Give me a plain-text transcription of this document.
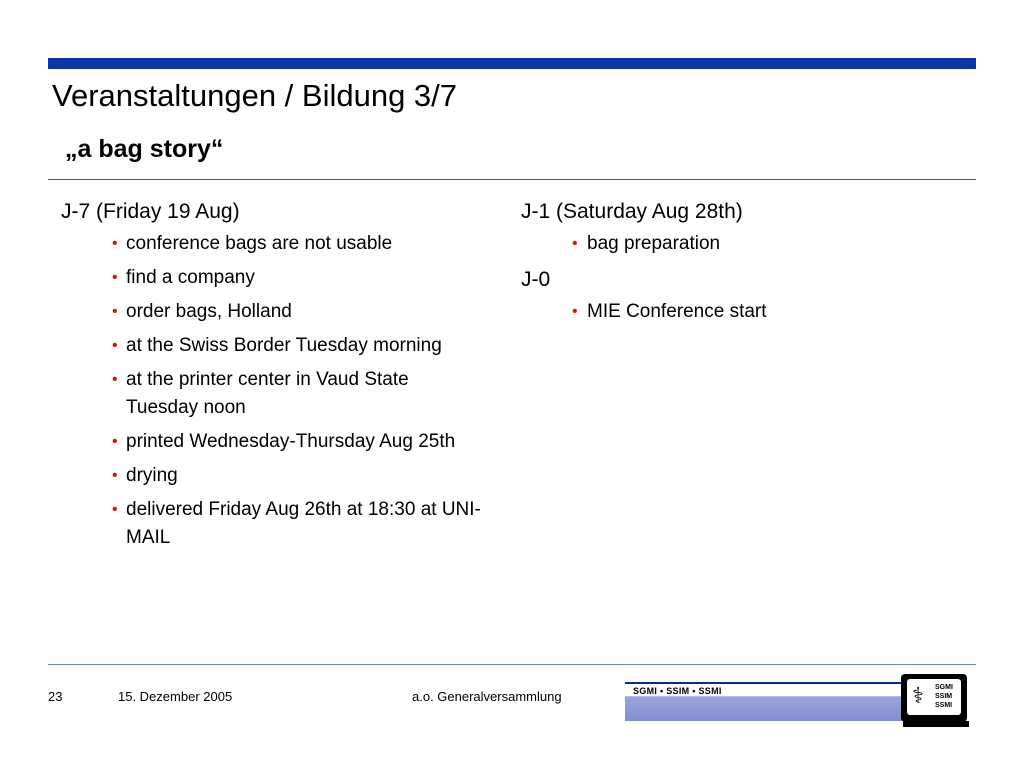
Veranstaltungen / Bildung 3/7
„a bag story“
J-7 (Friday 19 Aug)
• conference bags are not usable
• find a company
• order bags, Holland
• at the Swiss Border Tuesday morning
• at the printer center in Vaud State Tuesday noon
• printed Wednesday-Thursday Aug 25th
• drying
• delivered Friday Aug 26th at 18:30 at UNI- MAIL
J-1 (Saturday Aug 28th)
• bag preparation
J-0
• MIE Conference start
23	15. Dezember 2005	a.o. Generalversammlung	SGMI • SSIM • SSMI	⚕ SGMI
SSIM
SSMI
